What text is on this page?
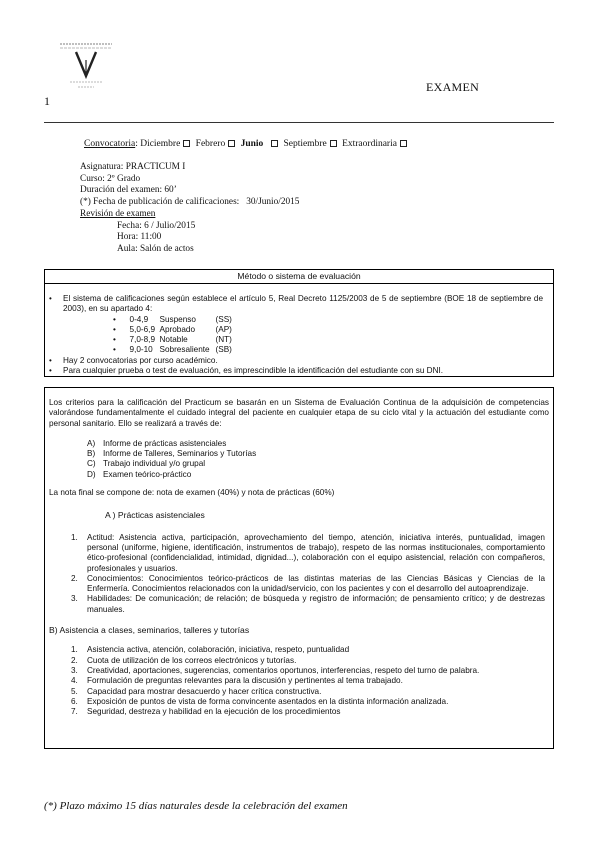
1
EXAMEN
Convocatoria: Diciembre Febrero Junio Septiembre Extraordinaria
Asignatura: PRACTICUM I
Curso: 2º Grado
Duración del examen: 60’
(*) Fecha de publicación de calificaciones: 30/Junio/2015
Revisión de examen
Fecha: 6 / Julio/2015
Hora: 11:00
Aula: Salón de actos
Método o sistema de evaluación
• El sistema de calificaciones según establece el artículo 5, Real Decreto 1125/2003 de 5 de septiembre (BOE 18 de septiembre de 2003), en su apartado 4:
•      0-4,9 Suspenso (SS)
•      5,0-6,9 Aprobado (AP)
•      7,0-8,9 Notable	(NT)
•      9,0-10 Sobresaliente (SB)
• Hay 2 convocatorias por curso académico.
• Para cualquier prueba o test de evaluación, es imprescindible la identificación del estudiante con su DNI.

Los criterios para la calificación del Practicum se basarán en un Sistema de Evaluación Continua de la adquisición de competencias valorándose fundamentalmente el cuidado integral del paciente en cualquier etapa de su ciclo vital y la actuación del estudiante como personal sanitario. Ello se realizará a través de:

A) Informe de prácticas asistenciales
B) Informe de Talleres, Seminarios y Tutorías
C) Trabajo individual y/o grupal
D) Examen teórico-práctico

La nota final se compone de: nota de examen (40%) y nota de prácticas (60%)

A ) Prácticas asistenciales

1. Actitud: Asistencia activa, participación, aprovechamiento del tiempo, atención, iniciativa interés, puntualidad, imagen personal (uniforme, higiene, identificación, instrumentos de trabajo), respeto de las normas institucionales, comportamiento ético-profesional (confidencialidad, intimidad, dignidad...), colaboración con el equipo asistencial, relación con compañeros, profesionales y usuarios.
2. Conocimientos: Conocimientos teórico-prácticos de las distintas materias de las Ciencias Básicas y Ciencias de la Enfermería. Conocimientos relacionados con la unidad/servicio, con los pacientes y con el desarrollo del autoaprendizaje.
3. Habilidades: De comunicación; de relación; de búsqueda y registro de información; de pensamiento crítico; y de destrezas manuales.

B) Asistencia a clases, seminarios, talleres y tutorías

1. Asistencia activa, atención, colaboración, iniciativa, respeto, puntualidad
2. Cuota de utilización de los correos electrónicos y tutorías.
3. Creatividad, aportaciones, sugerencias, comentarios oportunos, interferencias, respeto del turno de palabra.
4. Formulación de preguntas relevantes para la discusión y pertinentes al tema trabajado.
5. Capacidad para mostrar desacuerdo y hacer crítica constructiva.
6. Exposición de puntos de vista de forma convincente asentados en la distinta información analizada.
7. Seguridad, destreza y habilidad en la ejecución de los procedimientos
(*) Plazo máximo 15 días naturales desde la celebración del examen
